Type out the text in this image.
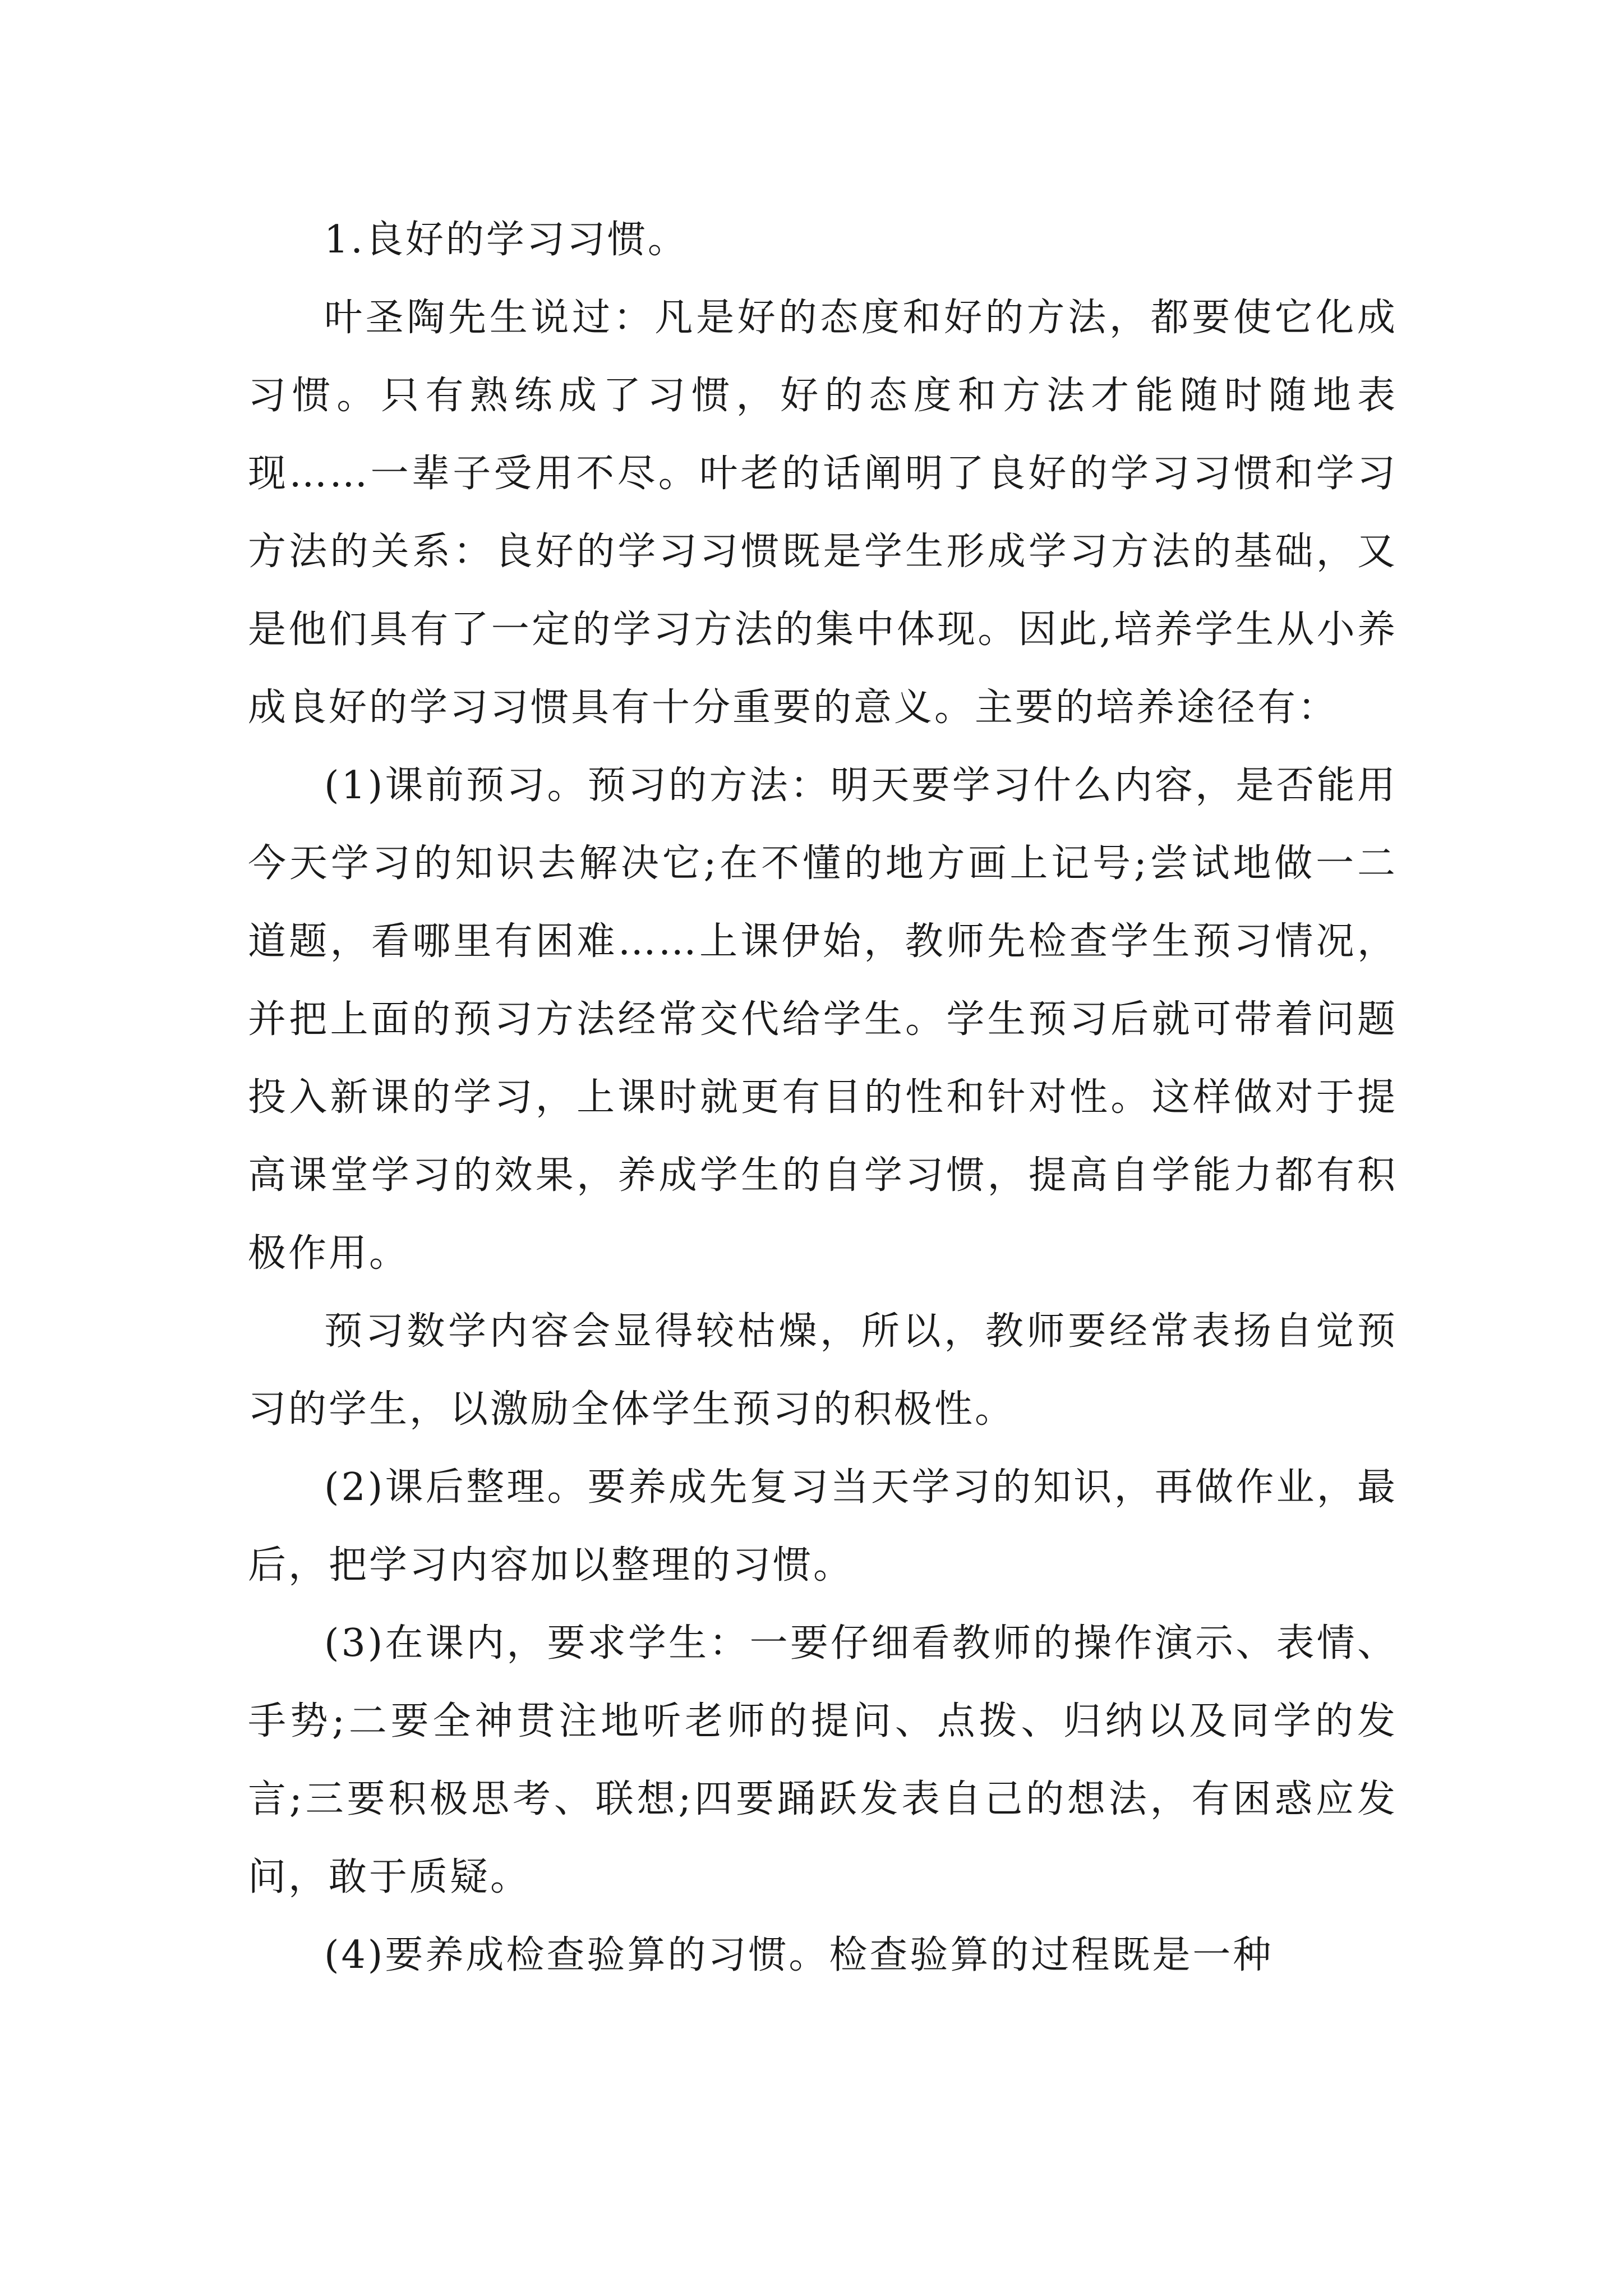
1.良好的学习习惯。

叶圣陶先生说过：凡是好的态度和好的方法，都要使它化成习惯。只有熟练成了习惯，好的态度和方法才能随时随地表现……一辈子受用不尽。叶老的话阐明了良好的学习习惯和学习方法的关系：良好的学习习惯既是学生形成学习方法的基础，又是他们具有了一定的学习方法的集中体现。因此,培养学生从小养成良好的学习习惯具有十分重要的意义。主要的培养途径有：

(1)课前预习。预习的方法：明天要学习什么内容，是否能用今天学习的知识去解决它;在不懂的地方画上记号;尝试地做一二道题，看哪里有困难……上课伊始，教师先检查学生预习情况，并把上面的预习方法经常交代给学生。学生预习后就可带着问题投入新课的学习，上课时就更有目的性和针对性。这样做对于提高课堂学习的效果，养成学生的自学习惯，提高自学能力都有积极作用。

预习数学内容会显得较枯燥，所以，教师要经常表扬自觉预习的学生，以激励全体学生预习的积极性。

(2)课后整理。要养成先复习当天学习的知识，再做作业，最后，把学习内容加以整理的习惯。

(3)在课内，要求学生：一要仔细看教师的操作演示、表情、手势;二要全神贯注地听老师的提问、点拨、归纳以及同学的发言;三要积极思考、联想;四要踊跃发表自己的想法，有困惑应发问，敢于质疑。

(4)要养成检查验算的习惯。检查验算的过程既是一种
